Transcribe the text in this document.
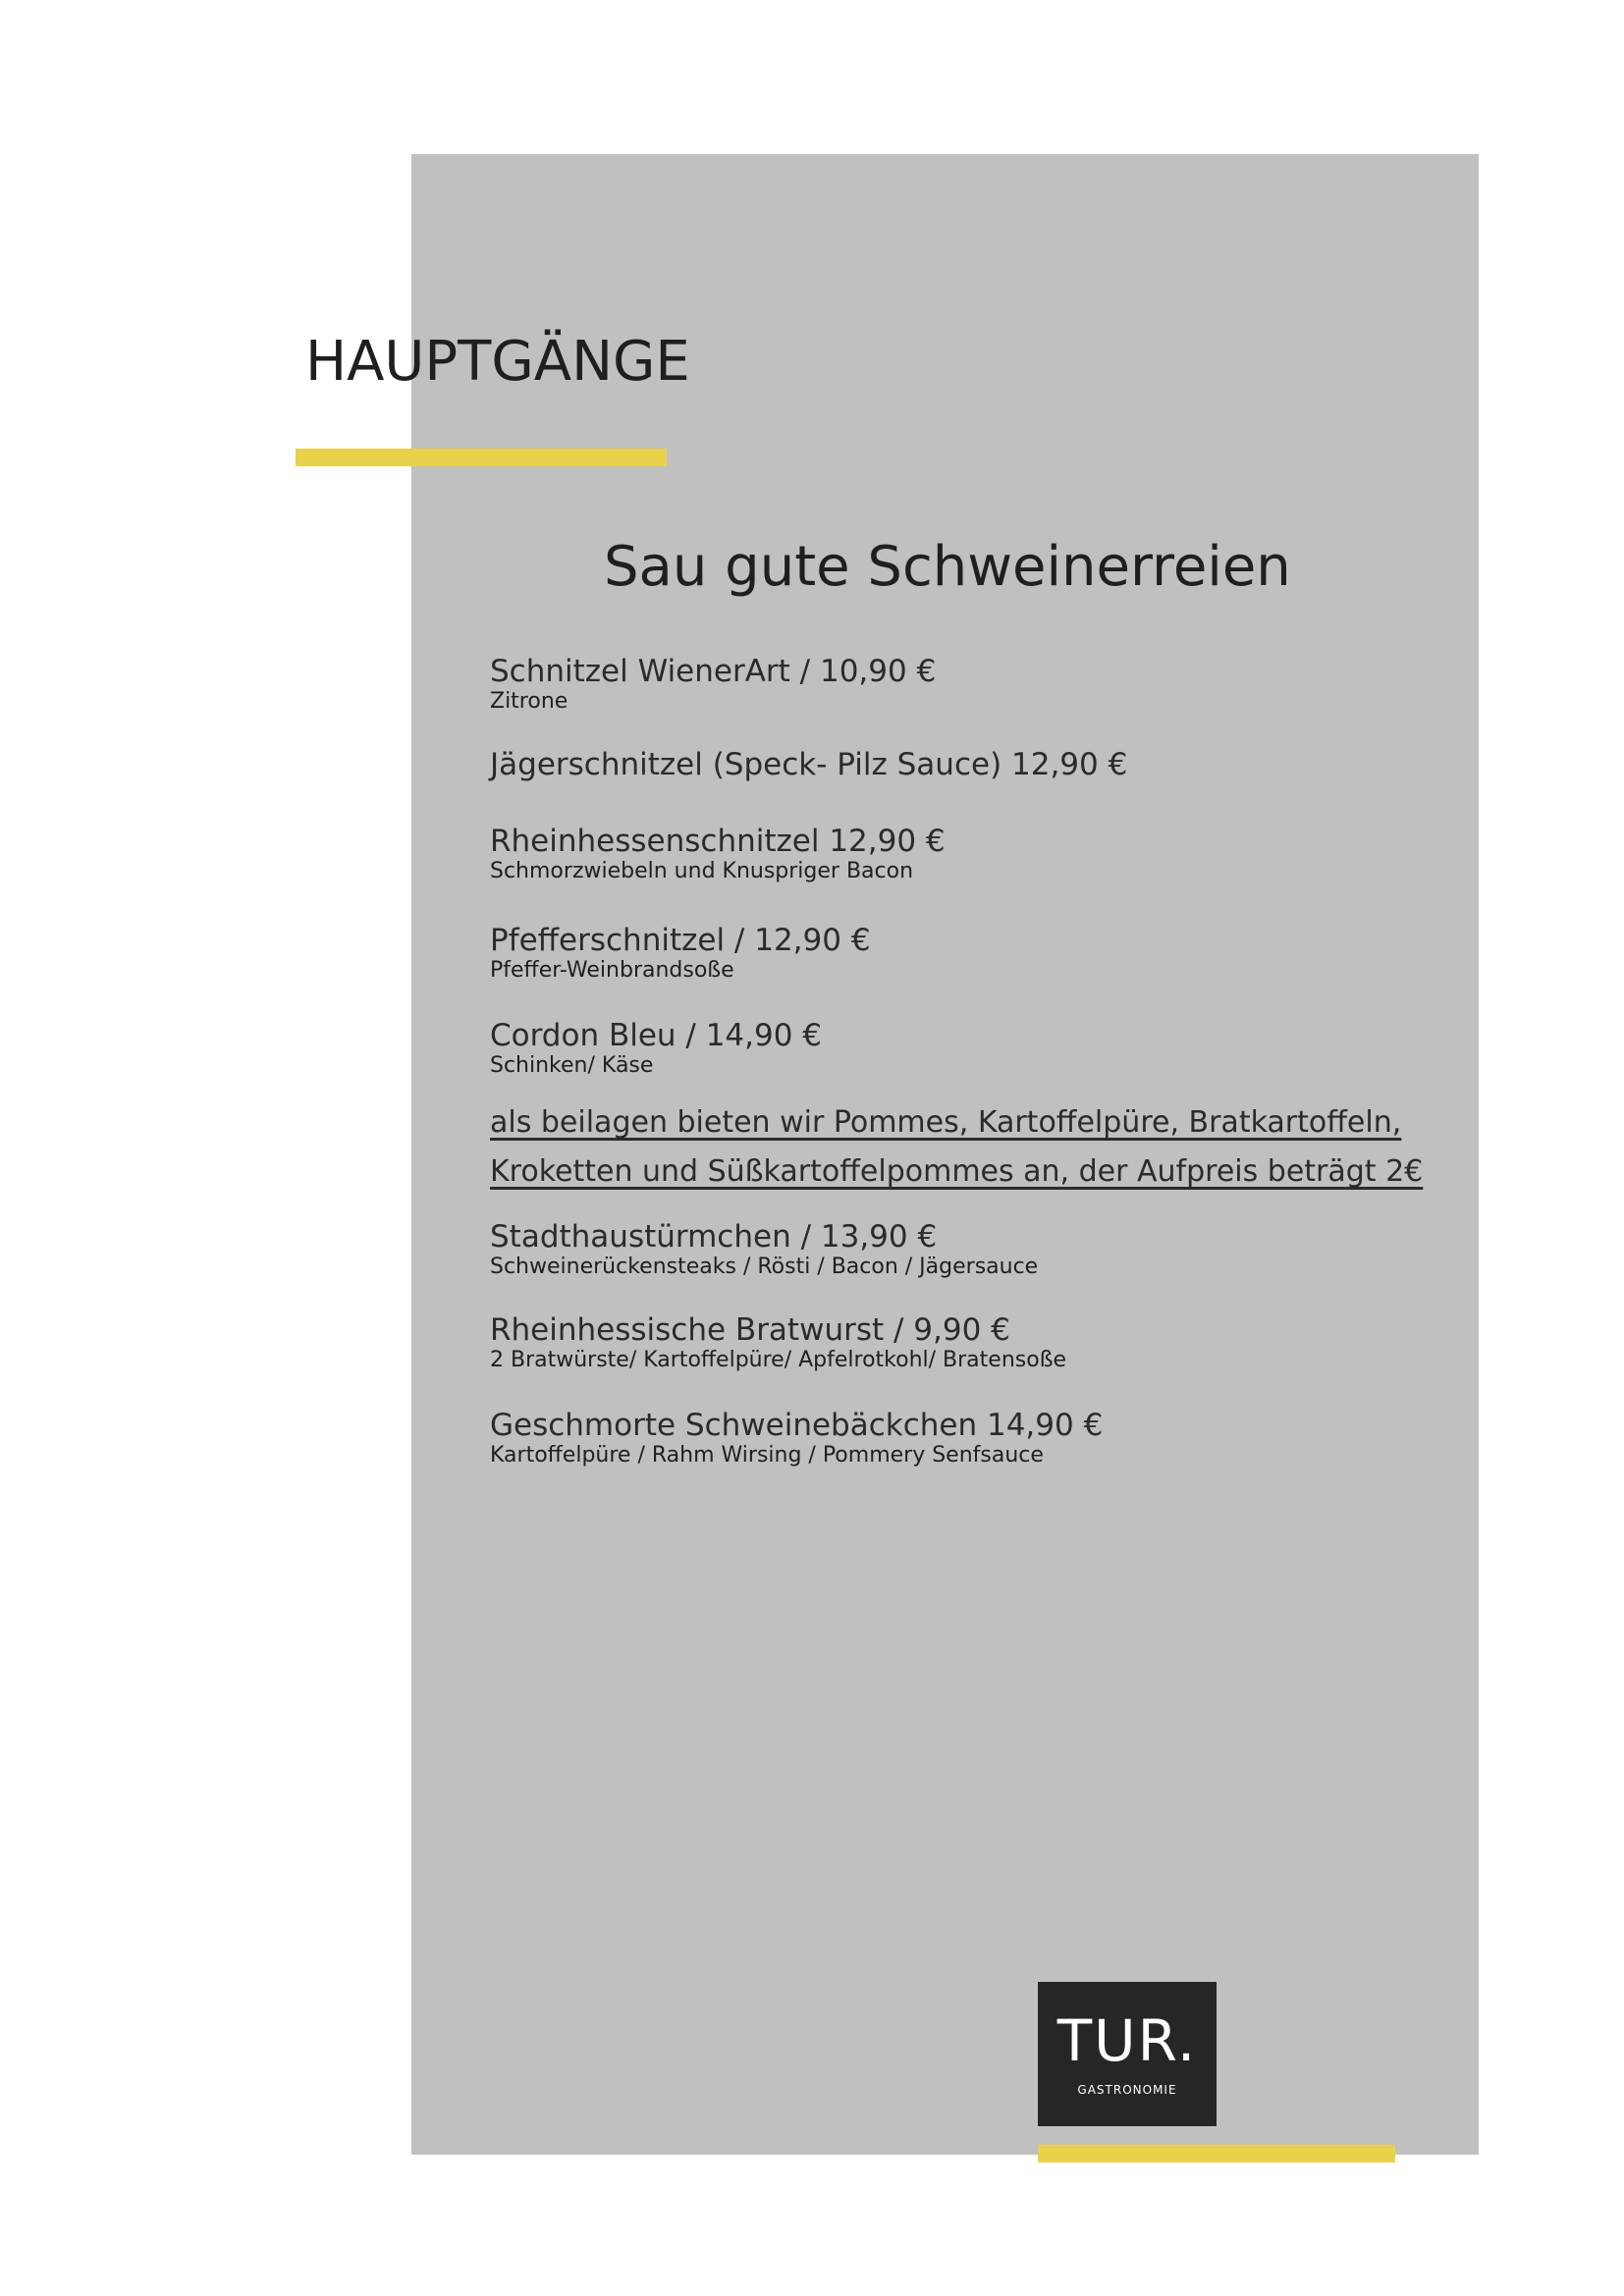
HAUPTGÄNGE
Sau gute Schweinerreien
Schnitzel WienerArt / 10,90 €
Zitrone
Jägerschnitzel (Speck- Pilz Sauce) 12,90 €
Rheinhessenschnitzel 12,90 €
Schmorzwiebeln und Knuspriger Bacon
Pfefferschnitzel / 12,90 €
Pfeffer-Weinbrandsoße
Cordon Bleu / 14,90 €
Schinken/ Käse
als beilagen bieten wir Pommes, Kartoffelpüre, Bratkartoffeln,
Kroketten und Süßkartoffelpommes an, der Aufpreis beträgt 2€
Stadthaustürmchen / 13,90 €
Schweinerückensteaks / Rösti / Bacon / Jägersauce
Rheinhessische Bratwurst / 9,90 €
2 Bratwürste/ Kartoffelpüre/ Apfelrotkohl/ Bratensoße
Geschmorte Schweinebäckchen 14,90 €
Kartoffelpüre / Rahm Wirsing / Pommery Senfsauce
TUR.
GASTRONOMIE
